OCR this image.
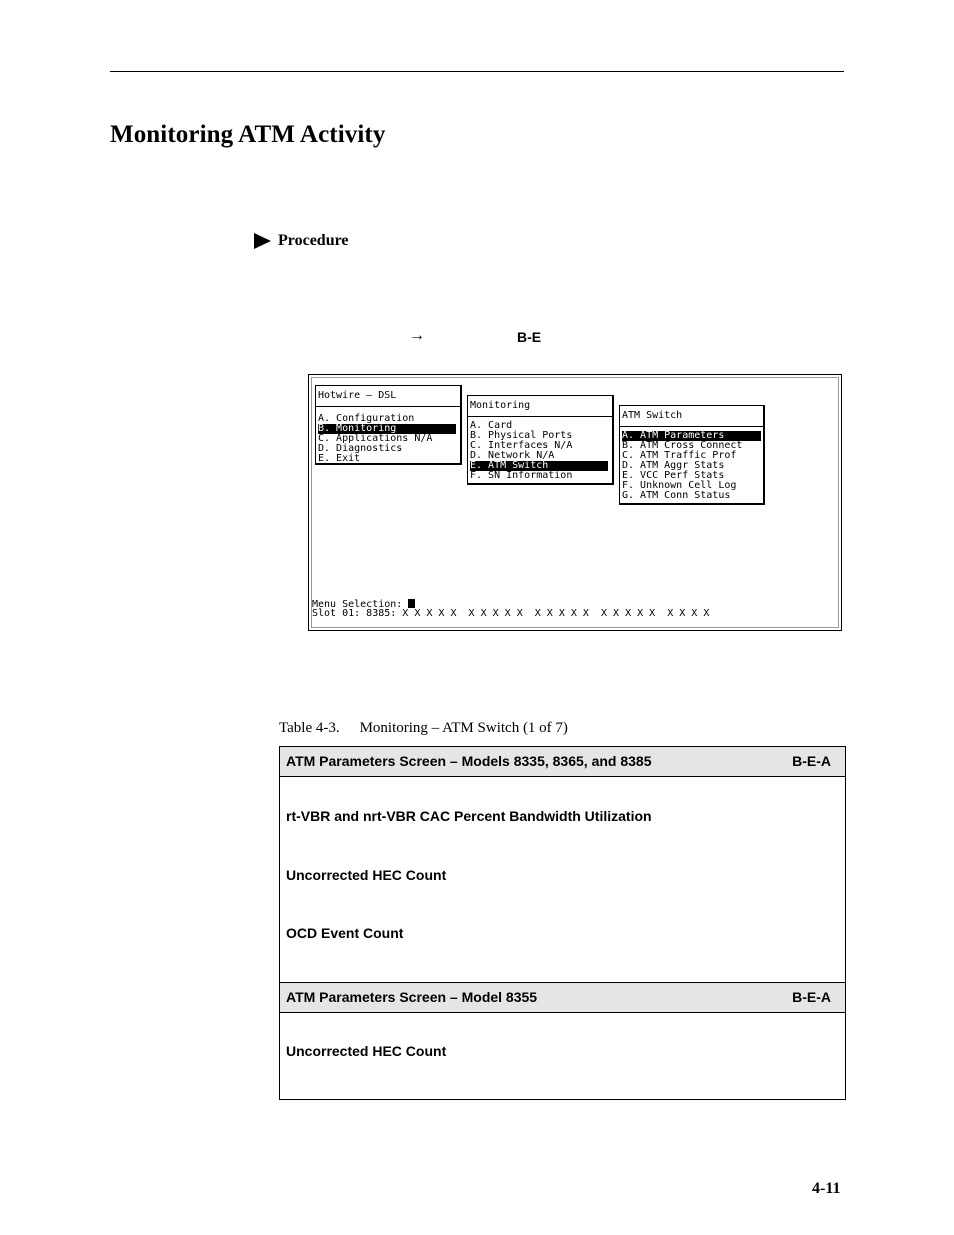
Monitoring ATM Activity
Procedure
→	B-E

Hotwire – DSL

A. Configuration
B. Monitoring
C. Applications N/A
D. Diagnostics
E. Exit

Monitoring

A. Card
B. Physical Ports
C. Interfaces N/A
D. Network N/A
E. ATM Switch
F. SN Information

ATM Switch

A. ATM Parameters
B. ATM Cross Connect
C. ATM Traffic Prof
D. ATM Aggr Stats
E. VCC Perf Stats
F. Unknown Cell Log
G. ATM Conn Status

Menu Selection:
Slot 01: 8385: X X X X X  X X X X X  X X X X X  X X X X X  X X X X
Table 4-3. Monitoring – ATM Switch (1 of 7)
ATM Parameters Screen – Models 8335, 8365, and 8385	B-E-A
rt-VBR and nrt-VBR CAC Percent Bandwidth Utilization
Uncorrected HEC Count
OCD Event Count
ATM Parameters Screen – Model 8355	B-E-A
Uncorrected HEC Count
4-11
